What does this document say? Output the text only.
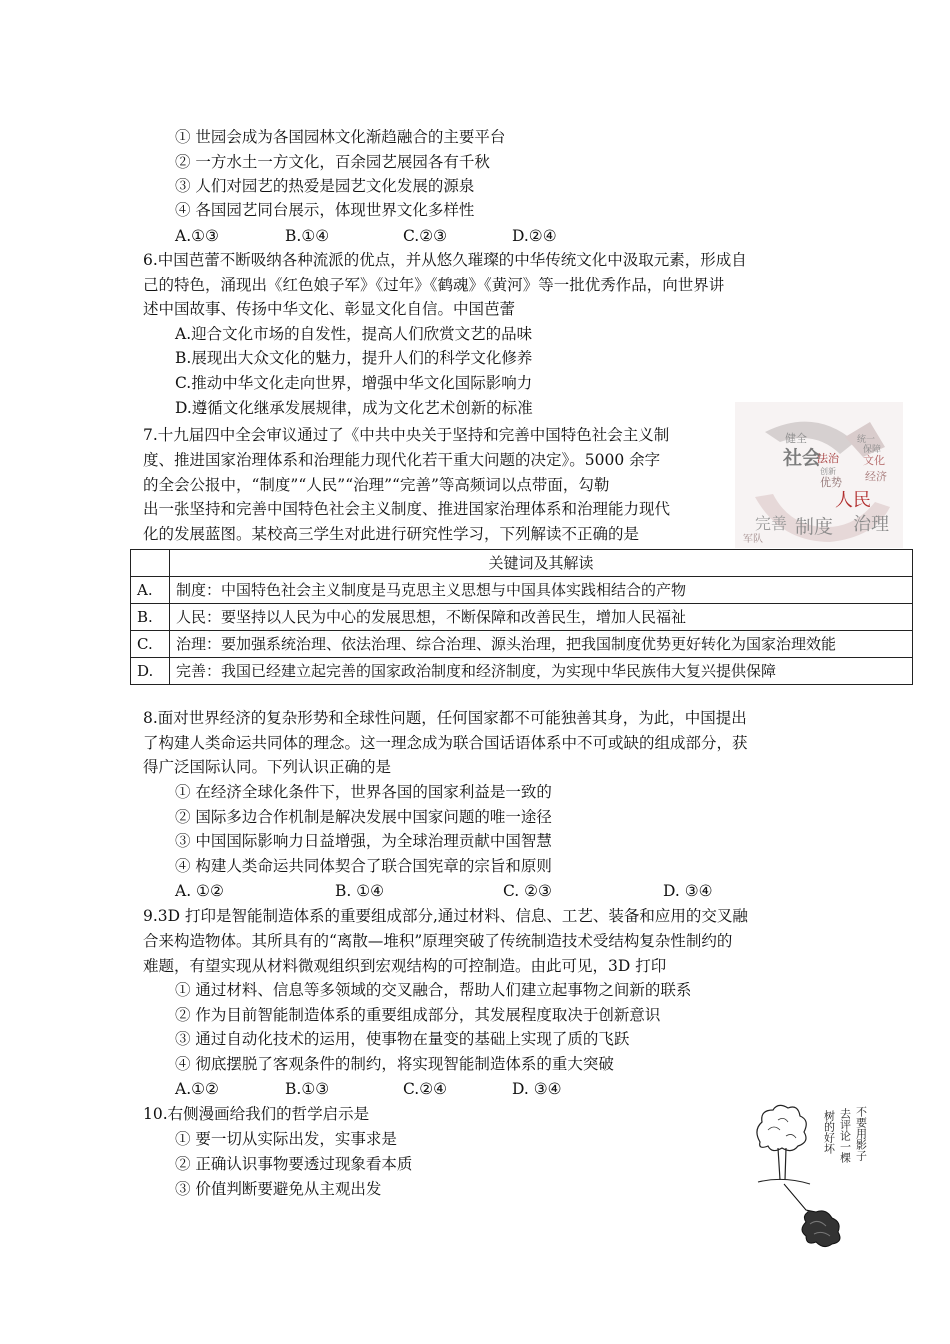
① 世园会成为各国园林文化渐趋融合的主要平台
② 一方水土一方文化，百余园艺展园各有千秋
③ 人们对园艺的热爱是园艺文化发展的源泉
④ 各国园艺同台展示，体现世界文化多样性
A.①③	B.①④	C.②③	D.②④
6.中国芭蕾不断吸纳各种流派的优点，并从悠久璀璨的中华传统文化中汲取元素，形成自
己的特色，涌现出《红色娘子军》《过年》《鹤魂》《黄河》等一批优秀作品，向世界讲
述中国故事、传扬中华文化、彰显文化自信。中国芭蕾
A.迎合文化市场的自发性，提高人们欣赏文艺的品味
B.展现出大众文化的魅力，提升人们的科学文化修养
C.推动中华文化走向世界，增强中华文化国际影响力
D.遵循文化继承发展规律，成为文化艺术创新的标准
7.十九届四中全会审议通过了《中共中央关于坚持和完善中国特色社会主义制
度、推进国家治理体系和治理能力现代化若干重大问题的决定》。5000 余字
的全会公报中，“制度”“人民”“治理”“完善”等高频词以点带面，勾勒
出一张坚持和完善中国特色社会主义制度、推进国家治理体系和治理能力现代
化的发展蓝图。某校高三学生对此进行研究性学习，下列解读不正确的是
社会
人民
制度 治理
完善
法治
经济
文化
优势
健全	统一
保障
军队
创新
	关键词及其解读
A.	制度：中国特色社会主义制度是马克思主义思想与中国具体实践相结合的产物
B.	人民：要坚持以人民为中心的发展思想，不断保障和改善民生，增加人民福祉
C.	治理：要加强系统治理、依法治理、综合治理、源头治理，把我国制度优势更好转化为国家治理效能
D.	完善：我国已经建立起完善的国家政治制度和经济制度，为实现中华民族伟大复兴提供保障
8.面对世界经济的复杂形势和全球性问题，任何国家都不可能独善其身，为此，中国提出
了构建人类命运共同体的理念。这一理念成为联合国话语体系中不可或缺的组成部分，获
得广泛国际认同。下列认识正确的是
① 在经济全球化条件下，世界各国的国家利益是一致的
② 国际多边合作机制是解决发展中国家问题的唯一途径
③ 中国国际影响力日益增强，为全球治理贡献中国智慧
④ 构建人类命运共同体契合了联合国宪章的宗旨和原则
A. ①②	B. ①④	C. ②③	D. ③④
9.3D 打印是智能制造体系的重要组成部分,通过材料、信息、工艺、装备和应用的交叉融
合来构造物体。其所具有的“离散—堆积”原理突破了传统制造技术受结构复杂性制约的
难题，有望实现从材料微观组织到宏观结构的可控制造。由此可见，3D 打印
① 通过材料、信息等多领域的交叉融合，帮助人们建立起事物之间新的联系
② 作为目前智能制造体系的重要组成部分，其发展程度取决于创新意识
③ 通过自动化技术的运用，使事物在量变的基础上实现了质的飞跃
④ 彻底摆脱了客观条件的制约，将实现智能制造体系的重大突破
A.①②	B.①③	C.②④	D. ③④
10.右侧漫画给我们的哲学启示是
① 要一切从实际出发，实事求是
② 正确认识事物要透过现象看本质
③ 价值判断要避免从主观出发
不要用影子
去评论一棵
树的好坏
